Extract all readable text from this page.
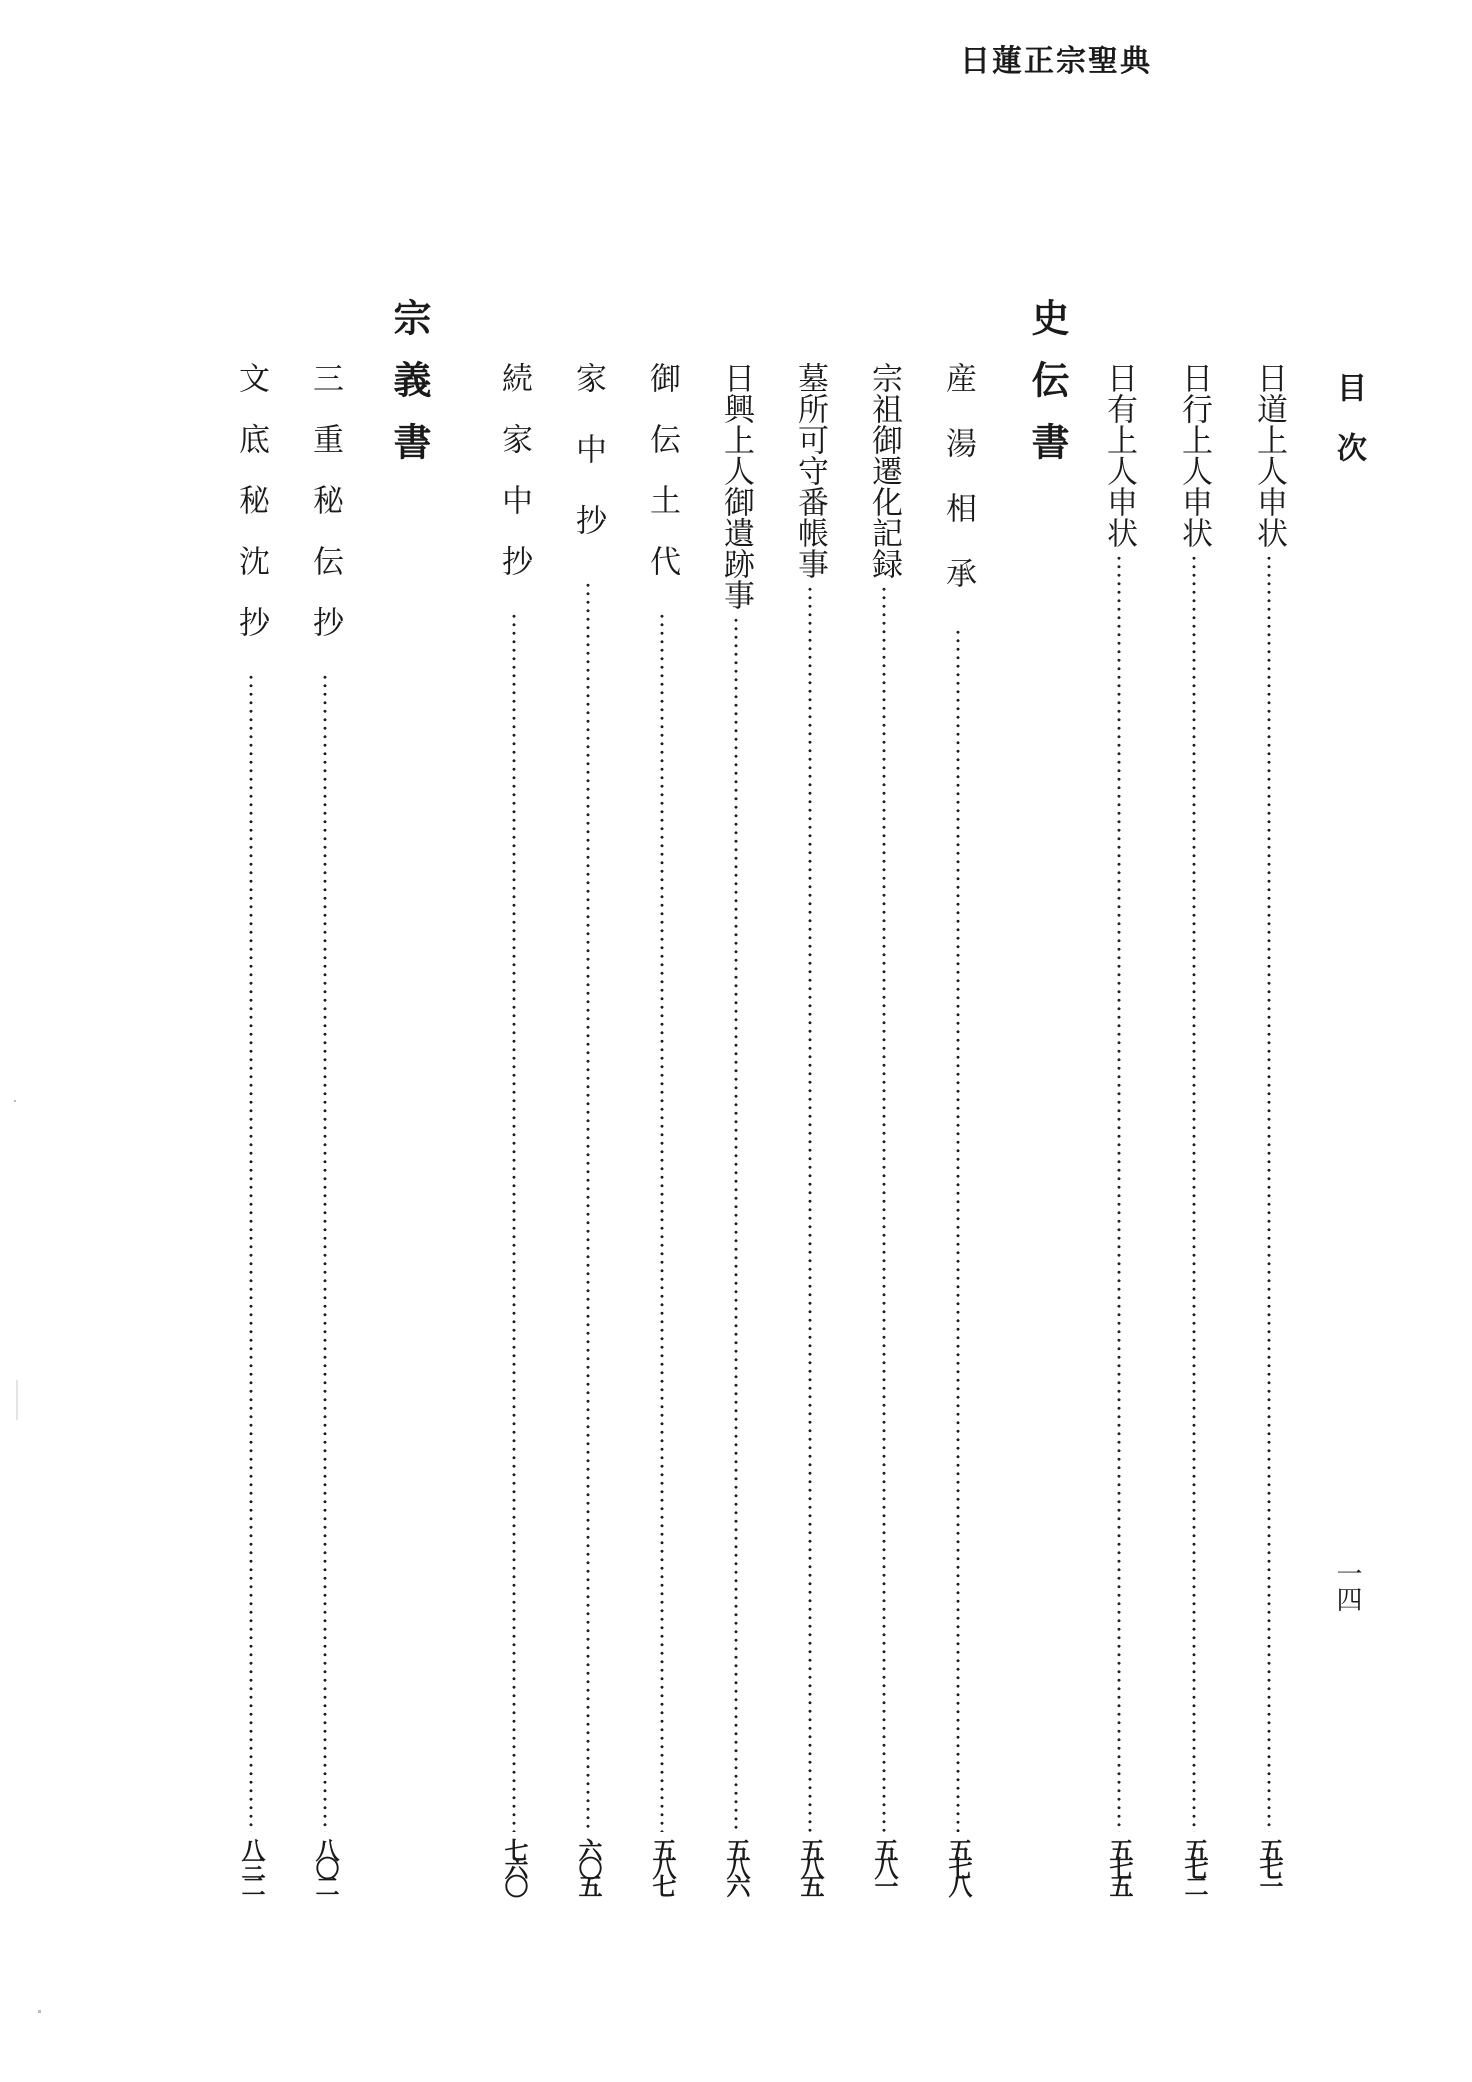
日蓮正宗聖典
目　次
一四
日道上人申状
五七一
日行上人申状
五七二
日有上人申状
五七五
史伝書
産湯相承
五七八
宗祖御遷化記録
五八一
墓所可守番帳事
五八五
日興上人御遺跡事
五八六
御伝土代
五八七
家中抄
六〇五
続家中抄
七六〇
宗義書
三重秘伝抄
八〇二
文底秘沈抄
八三二
